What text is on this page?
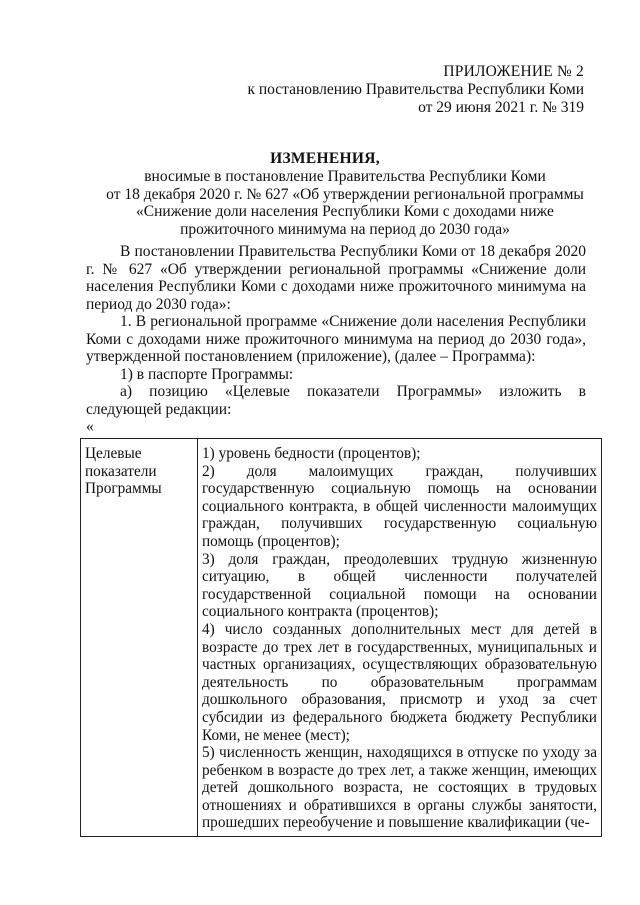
ПРИЛОЖЕНИЕ № 2
к постановлению Правительства Республики Коми
от 29 июня 2021 г. № 319
ИЗМЕНЕНИЯ,
вносимые в постановление Правительства Республики Коми
от 18 декабря 2020 г. № 627 «Об утверждении региональной программы
«Снижение доли населения Республики Коми с доходами ниже
прожиточного минимума на период до 2030 года»

В постановлении Правительства Республики Коми от 18 декабря 2020 г. № 627 «Об утверждении региональной программы «Снижение доли населения Республики Коми с доходами ниже прожиточного минимума на период до 2030 года»:

1. В региональной программе «Снижение доли населения Республики Коми с доходами ниже прожиточного минимума на период до 2030 года», утвержденной постановлением (приложение), (далее – Программа):

1) в паспорте Программы:

а) позицию «Целевые показатели Программы» изложить в следующей редакции:

«

Целевые показатели Программы	
1) уровень бедности (процентов);
2) доля малоимущих граждан, получивших государственную социальную помощь на основании социального контракта, в общей численности малоимущих граждан, получивших государственную социальную помощь (процентов);
3) доля граждан, преодолевших трудную жизненную ситуацию, в общей численности получателей государственной социальной помощи на основании социального контракта (процентов);
4) число созданных дополнительных мест для детей в возрасте до трех лет в государственных, муниципальных и частных организациях, осуществляющих образовательную деятельность по образовательным программам дошкольного образования, присмотр и уход за счет субсидии из федерального бюджета бюджету Республики Коми, не менее (мест);
5) численность женщин, находящихся в отпуске по уходу за ребенком в возрасте до трех лет, а также женщин, имеющих детей дошкольного возраста, не состоящих в трудовых отношениях и обратившихся в органы службы занятости, прошедших переобучение и повышение квалификации (че-
